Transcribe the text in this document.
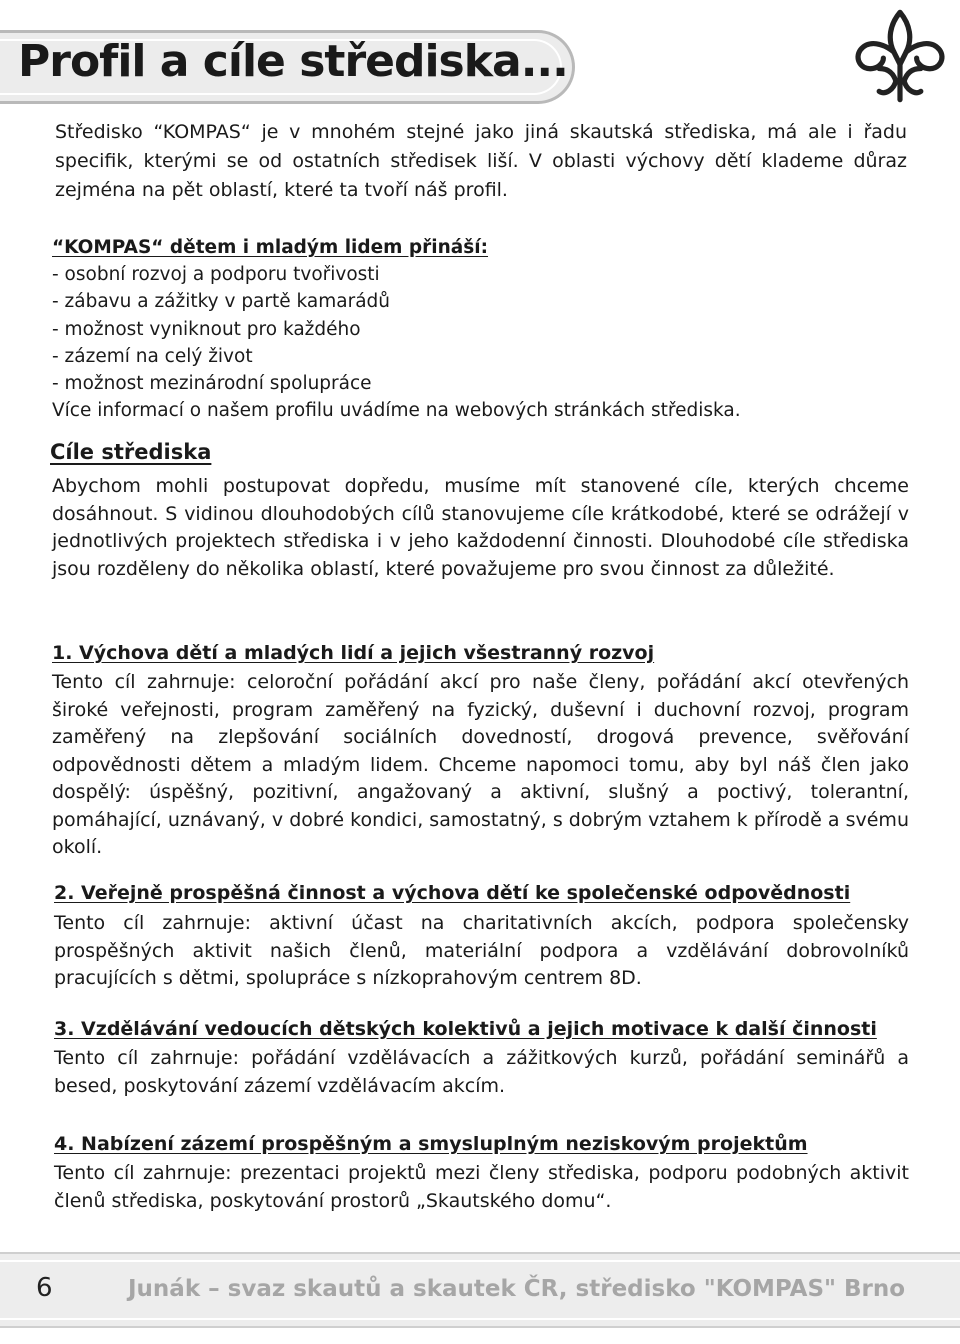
Profil a cíle střediska...

Středisko “KOMPAS“ je v mnohém stejné jako jiná skautská střediska, má ale i řadu specifik, kterými se od ostatních středisek liší. V oblasti výchovy dětí klademe důraz zejména na pět oblastí, které ta tvoří náš profil.

“KOMPAS“ dětem i mladým lidem přináší:
- osobní rozvoj a podporu tvořivosti
- zábavu a zážitky v partě kamarádů
- možnost vyniknout pro každého
- zázemí na celý život
- možnost mezinárodní spolupráce
Více informací o našem profilu uvádíme na webových stránkách střediska.
Cíle střediska

Abychom mohli postupovat dopředu, musíme mít stanovené cíle, kterých chceme dosáhnout. S vidinou dlouhodobých cílů stanovujeme cíle krátkodobé, které se odrážejí v jednotlivých projektech střediska i v jeho každodenní činnosti. Dlouhodobé cíle střediska jsou rozděleny do několika oblastí, které považujeme pro svou činnost za důležité.

1. Výchova dětí a mladých lidí a jejich všestranný rozvoj

Tento cíl zahrnuje: celoroční pořádání akcí pro naše členy, pořádání akcí otevřených široké veřejnosti, program zaměřený na fyzický, duševní i duchovní rozvoj, program zaměřený na zlepšování sociálních dovedností, drogová prevence, svěřování odpovědnosti dětem a mladým lidem. Chceme napomoci tomu, aby byl náš člen jako dospělý: úspěšný, pozitivní, angažovaný a aktivní, slušný a poctivý, tolerantní, pomáhající, uznávaný, v dobré kondici, samostatný, s dobrým vztahem k přírodě a svému okolí.

2. Veřejně prospěšná činnost a výchova dětí ke společenské odpovědnosti

Tento cíl zahrnuje: aktivní účast na charitativních akcích, podpora společensky prospěšných aktivit našich členů, materiální podpora a vzdělávání dobrovolníků pracujících s dětmi, spolupráce s nízkoprahovým centrem 8D.

3. Vzdělávání vedoucích dětských kolektivů a jejich motivace k další činnosti

Tento cíl zahrnuje: pořádání vzdělávacích a zážitkových kurzů, pořádání seminářů a besed, poskytování zázemí vzdělávacím akcím.

4. Nabízení zázemí prospěšným a smysluplným neziskovým projektům

Tento cíl zahrnuje: prezentaci projektů mezi členy střediska, podporu podobných aktivit členů střediska, poskytování prostorů „Skautského domu“.

6	Junák – svaz skautů a skautek ČR, středisko "KOMPAS" Brno
